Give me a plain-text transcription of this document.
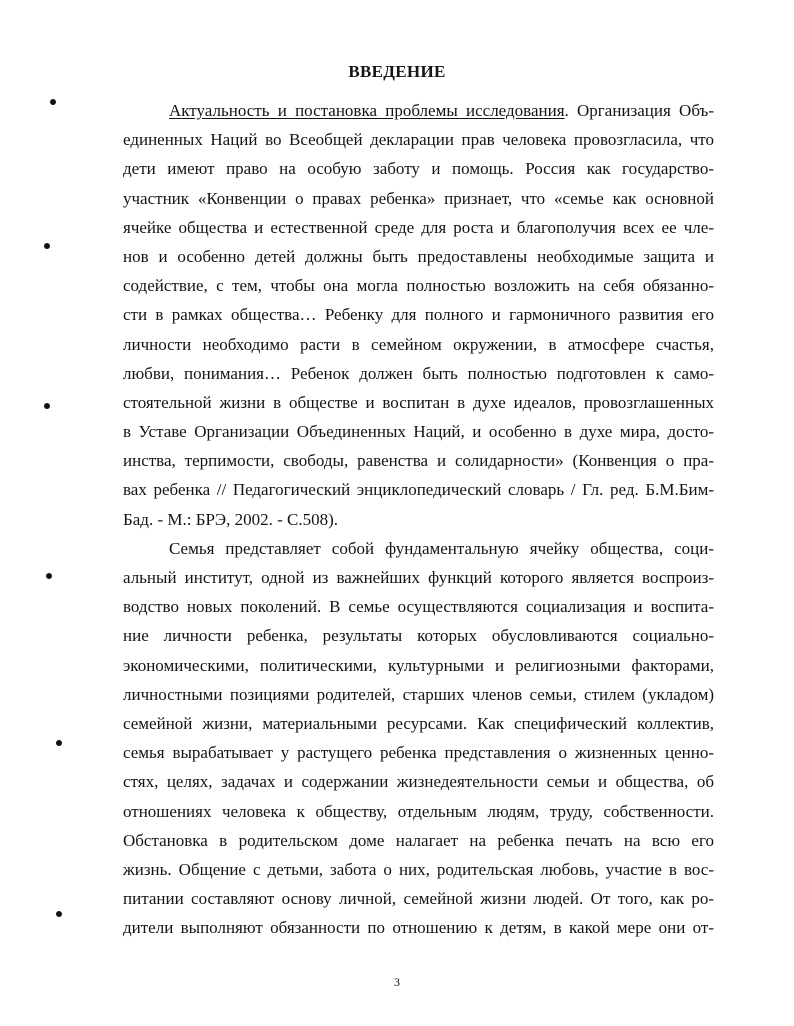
ВВЕДЕНИЕ
Актуальность и постановка проблемы исследования. Организация Объ-
единенных Наций во Всеобщей декларации прав человека провозгласила, что
дети имеют право на особую заботу и помощь. Россия как государство-
участник «Конвенции о правах ребенка» признает, что «семье как основной
ячейке общества и естественной среде для роста и благополучия всех ее чле-
нов и особенно детей должны быть предоставлены необходимые защита и
содействие, с тем, чтобы она могла полностью возложить на себя обязанно-
сти в рамках общества… Ребенку для полного и гармоничного развития его
личности необходимо расти в семейном окружении, в атмосфере счастья,
любви, понимания… Ребенок должен быть полностью подготовлен к само-
стоятельной жизни в обществе и воспитан в духе идеалов, провозглашенных
в Уставе Организации Объединенных Наций, и особенно в духе мира, досто-
инства, терпимости, свободы, равенства и солидарности» (Конвенция о пра-
вах ребенка // Педагогический энциклопедический словарь / Гл. ред. Б.М.Бим-
Бад. - М.: БРЭ, 2002. - С.508).
Семья представляет собой фундаментальную ячейку общества, соци-
альный институт, одной из важнейших функций которого является воспроиз-
водство новых поколений. В семье осуществляются социализация и воспита-
ние личности ребенка, результаты которых обусловливаются социально-
экономическими, политическими, культурными и религиозными факторами,
личностными позициями родителей, старших членов семьи, стилем (укладом)
семейной жизни, материальными ресурсами. Как специфический коллектив,
семья вырабатывает у растущего ребенка представления о жизненных ценно-
стях, целях, задачах и содержании жизнедеятельности семьи и общества, об
отношениях человека к обществу, отдельным людям, труду, собственности.
Обстановка в родительском доме налагает на ребенка печать на всю его
жизнь. Общение с детьми, забота о них, родительская любовь, участие в вос-
питании составляют основу личной, семейной жизни людей. От того, как ро-
дители выполняют обязанности по отношению к детям, в какой мере они от-
3
